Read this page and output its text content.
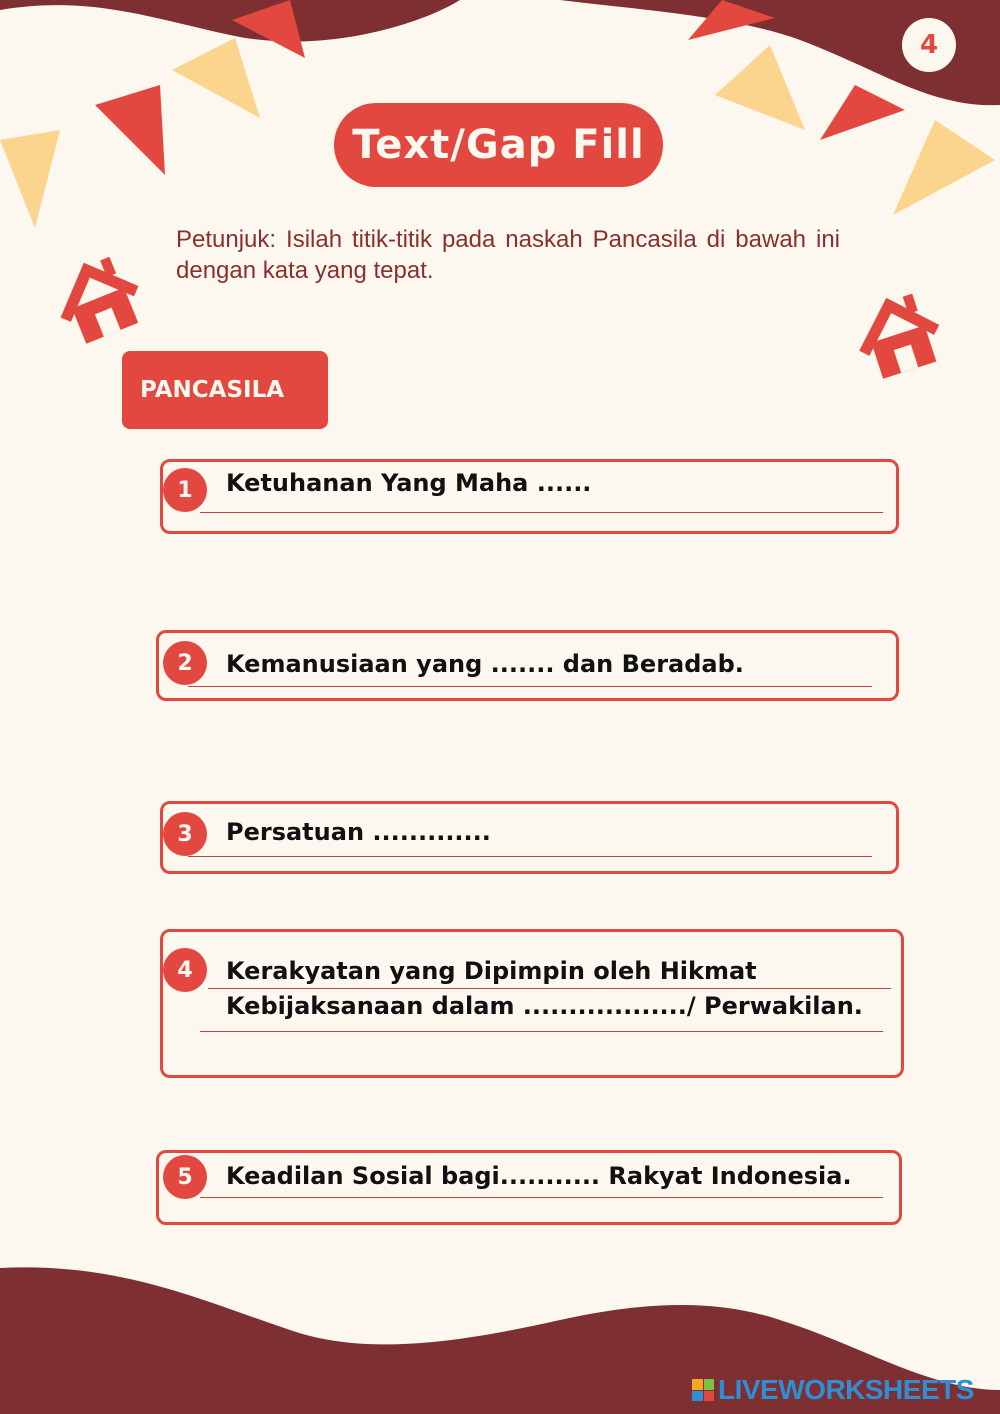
4
Text/Gap Fill
Petunjuk: Isilah titik-titik pada naskah Pancasila di bawah ini dengan kata yang tepat.
PANCASILA
1	Ketuhanan Yang Maha ......
2	Kemanusiaan yang ....... dan Beradab.
3	Persatuan .............
4	Kerakyatan yang Dipimpin oleh Hikmat
Kebijaksanaan dalam ................../ Perwakilan.
5	Keadilan Sosial bagi........... Rakyat Indonesia.
LIVEWORKSHEETS
